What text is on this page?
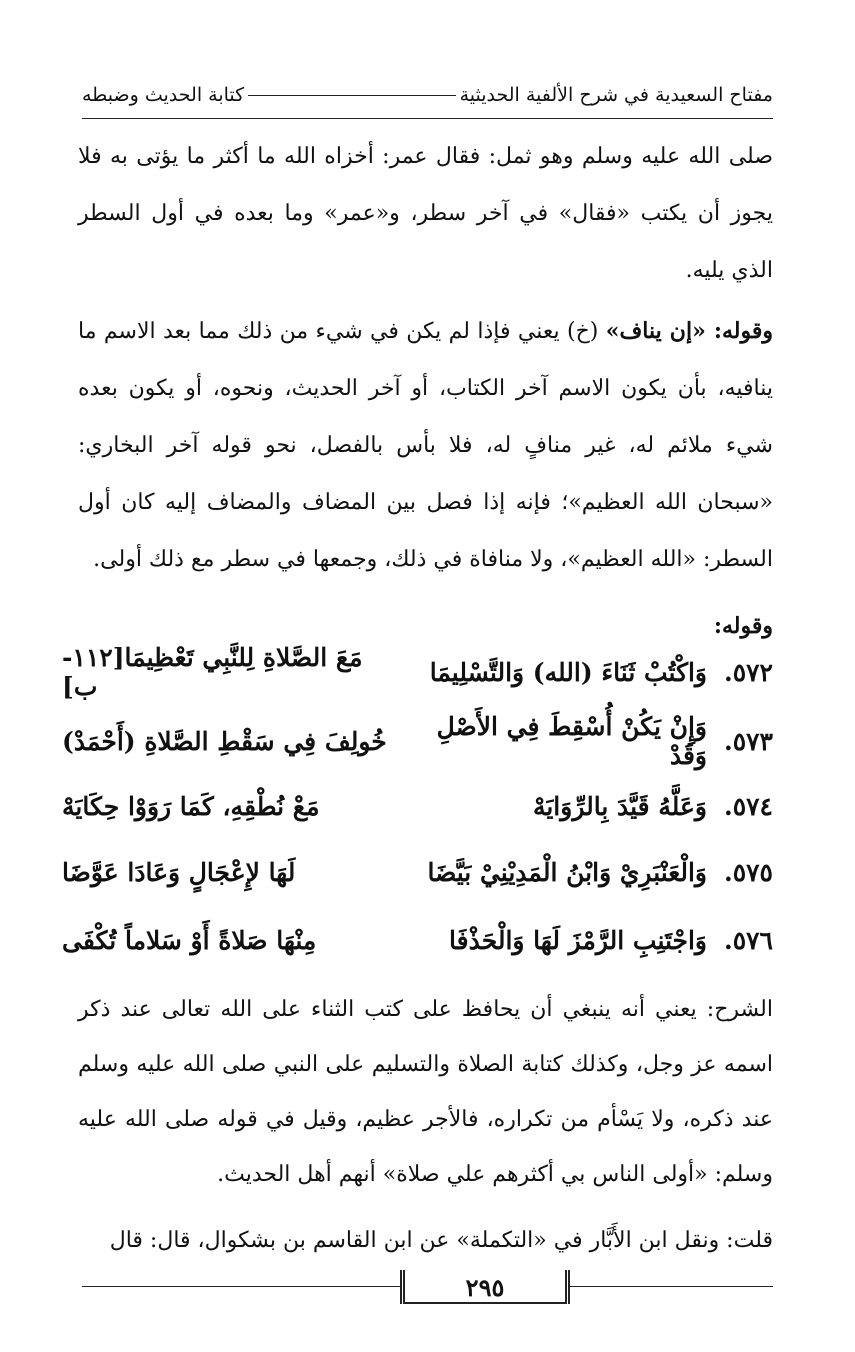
مفتاح السعيدية في شرح الألفية الحديثية
كتابة الحديث وضبطه
صلى الله عليه وسلم وهو ثمل: فقال عمر: أخزاه الله ما أكثر ما يؤتى به فلا يجوز أن يكتب «فقال» في آخر سطر، و«عمر» وما بعده في أول السطر الذي يليه.
وقوله: «إن يناف» (خ) يعني فإذا لم يكن في شيء من ذلك مما بعد الاسم ما ينافيه، بأن يكون الاسم آخر الكتاب، أو آخر الحديث، ونحوه، أو يكون بعده شيء ملائم له، غير منافٍ له، فلا بأس بالفصل، نحو قوله آخر البخاري: «سبحان الله العظيم»؛ فإنه إذا فصل بين المضاف والمضاف إليه كان أول السطر: «الله العظيم»، ولا منافاة في ذلك، وجمعها في سطر مع ذلك أولى.
وقوله:
٥٧٢.
وَاكْتُبْ ثَنَاءَ (الله) وَالتَّسْلِيمَا
مَعَ الصَّلاةِ لِلنَّبِي تَعْظِيمَا[١١٢-ب]
٥٧٣.
وَإِنْ يَكُنْ أُسْقِطَ فِي الأَصْلِ وَقَدْ
خُولِفَ فِي سَقْطِ الصَّلاةِ (أَحْمَدْ)
٥٧٤.
وَعَلَّهُ قَيَّدَ بِالرِّوَايَهْ
مَعْ نُطْقِهِ، كَمَا رَوَوْا حِكَايَهْ
٥٧٥.
وَالْعَنْبَرِيْ وَابْنُ الْمَدِيْنِيْ بَيَّضَا
لَهَا لإِعْجَالٍ وَعَادَا عَوَّضَا
٥٧٦.
وَاجْتَنِبِ الرَّمْزَ لَهَا وَالْحَذْفَا
مِنْهَا صَلاةً أَوْ سَلاماً تُكْفَى
الشرح: يعني أنه ينبغي أن يحافظ على كتب الثناء على الله تعالى عند ذكر اسمه عز وجل، وكذلك كتابة الصلاة والتسليم على النبي صلى الله عليه وسلم عند ذكره، ولا يَسْأم من تكراره، فالأجر عظيم، وقيل في قوله صلى الله عليه وسلم: «أولى الناس بي أكثرهم علي صلاة» أنهم أهل الحديث.
قلت: ونقل ابن الأَبَّار في «التكملة» عن ابن القاسم بن بشكوال، قال: قال
٢٩٥
